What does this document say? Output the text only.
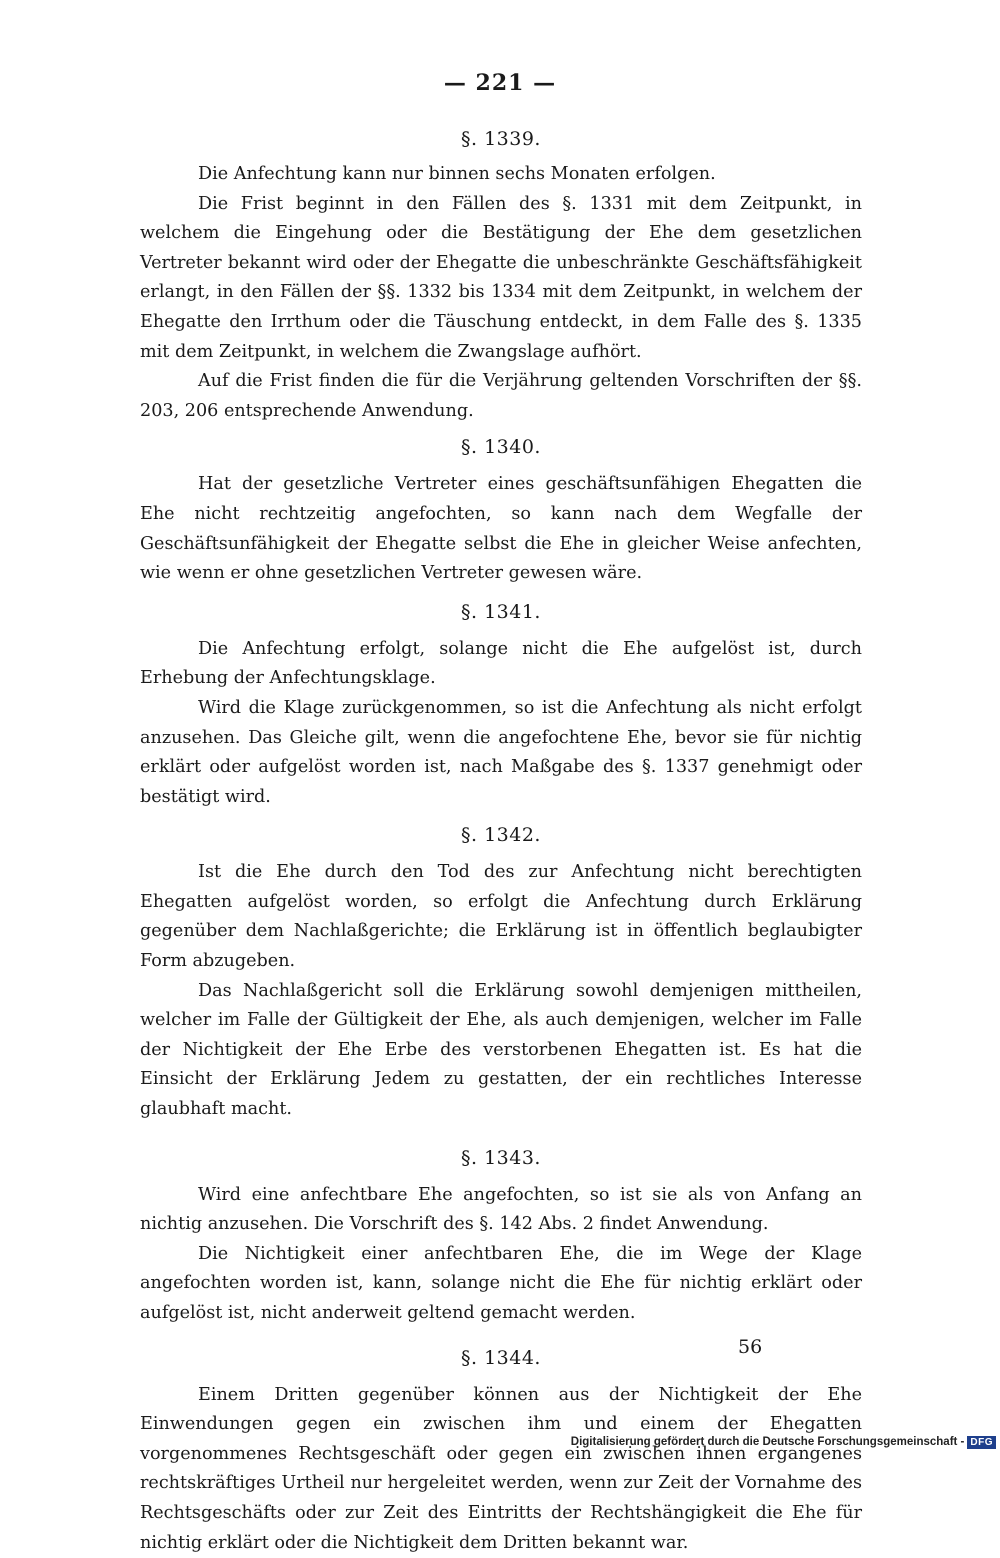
— 221 —
§. 1339.

Die Anfechtung kann nur binnen sechs Monaten erfolgen.

Die Frist beginnt in den Fällen des §. 1331 mit dem Zeitpunkt, in welchem die Eingehung oder die Bestätigung der Ehe dem gesetzlichen Vertreter bekannt wird oder der Ehegatte die unbeschränkte Geschäftsfähigkeit erlangt, in den Fällen der §§. 1332 bis 1334 mit dem Zeitpunkt, in welchem der Ehegatte den Irrthum oder die Täuschung entdeckt, in dem Falle des §. 1335 mit dem Zeitpunkt, in welchem die Zwangslage aufhört.

Auf die Frist finden die für die Verjährung geltenden Vorschriften der §§. 203, 206 entsprechende Anwendung.

§. 1340.

Hat der gesetzliche Vertreter eines geschäftsunfähigen Ehegatten die Ehe nicht rechtzeitig angefochten, so kann nach dem Wegfalle der Geschäftsunfähigkeit der Ehegatte selbst die Ehe in gleicher Weise anfechten, wie wenn er ohne gesetzlichen Vertreter gewesen wäre.

§. 1341.

Die Anfechtung erfolgt, solange nicht die Ehe aufgelöst ist, durch Erhebung der Anfechtungsklage.

Wird die Klage zurückgenommen, so ist die Anfechtung als nicht erfolgt anzusehen. Das Gleiche gilt, wenn die angefochtene Ehe, bevor sie für nichtig erklärt oder aufgelöst worden ist, nach Maßgabe des §. 1337 genehmigt oder bestätigt wird.

§. 1342.

Ist die Ehe durch den Tod des zur Anfechtung nicht berechtigten Ehegatten aufgelöst worden, so erfolgt die Anfechtung durch Erklärung gegenüber dem Nachlaßgerichte; die Erklärung ist in öffentlich beglaubigter Form abzugeben.

Das Nachlaßgericht soll die Erklärung sowohl demjenigen mittheilen, welcher im Falle der Gültigkeit der Ehe, als auch demjenigen, welcher im Falle der Nichtigkeit der Ehe Erbe des verstorbenen Ehegatten ist. Es hat die Einsicht der Erklärung Jedem zu gestatten, der ein rechtliches Interesse glaubhaft macht.

§. 1343.

Wird eine anfechtbare Ehe angefochten, so ist sie als von Anfang an nichtig anzusehen. Die Vorschrift des §. 142 Abs. 2 findet Anwendung.

Die Nichtigkeit einer anfechtbaren Ehe, die im Wege der Klage angefochten worden ist, kann, solange nicht die Ehe für nichtig erklärt oder aufgelöst ist, nicht anderweit geltend gemacht werden.

§. 1344.

Einem Dritten gegenüber können aus der Nichtigkeit der Ehe Einwendungen gegen ein zwischen ihm und einem der Ehegatten vorgenommenes Rechtsgeschäft oder gegen ein zwischen ihnen ergangenes rechtskräftiges Urtheil nur hergeleitet werden, wenn zur Zeit der Vornahme des Rechtsgeschäfts oder zur Zeit des Eintritts der Rechtshängigkeit die Ehe für nichtig erklärt oder die Nichtigkeit dem Dritten bekannt war.

56
Digitalisierung gefördert durch die Deutsche Forschungsgemeinschaft - DFG
